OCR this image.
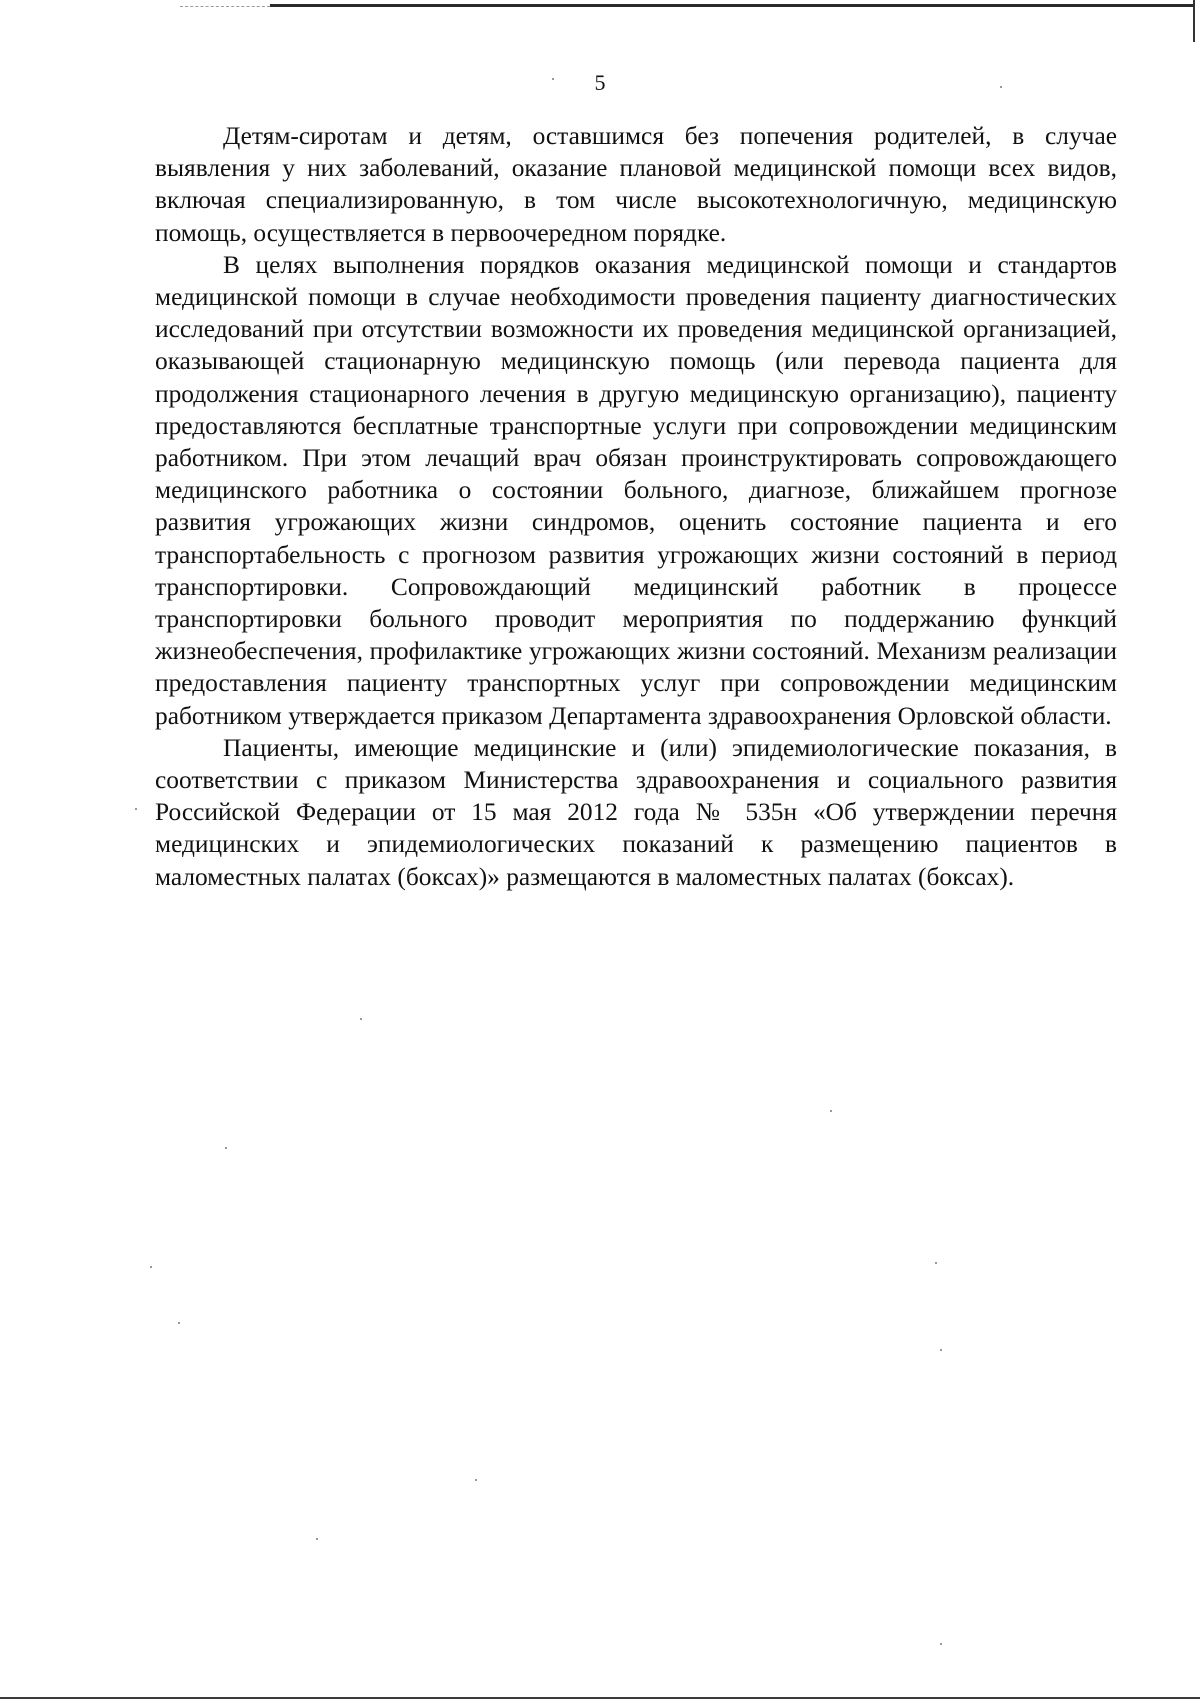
5

Детям-сиротам и детям, оставшимся без попечения родителей, в случае выявления у них заболеваний, оказание плановой медицинской помощи всех видов, включая специализированную, в том числе высокотехнологичную, медицинскую помощь, осуществляется в первоочередном порядке.

В целях выполнения порядков оказания медицинской помощи и стандартов медицинской помощи в случае необходимости проведения пациенту диагностических исследований при отсутствии возможности их проведения медицинской организацией, оказывающей стационарную медицинскую помощь (или перевода пациента для продолжения стационарного лечения в другую медицинскую организацию), пациенту предоставляются бесплатные транспортные услуги при сопровождении медицинским работником. При этом лечащий врач обязан проинструктировать сопровождающего медицинского работника о состоянии больного, диагнозе, ближайшем прогнозе развития угрожающих жизни синдромов, оценить состояние пациента и его транспортабельность с прогнозом развития угрожающих жизни состояний в период транспортировки. Сопровождающий медицинский работник в процессе транспортировки больного проводит мероприятия по поддержанию функций жизнеобеспечения, профилактике угрожающих жизни состояний. Механизм реализации предоставления пациенту транспортных услуг при сопровождении медицинским работником утверждается приказом Департамента здравоохранения Орловской области.

Пациенты, имеющие медицинские и (или) эпидемиологические показания, в соответствии с приказом Министерства здравоохранения и социального развития Российской Федерации от 15 мая 2012 года № 535н «Об утверждении перечня медицинских и эпидемиологических показаний к размещению пациентов в маломестных палатах (боксах)» размещаются в маломестных палатах (боксах).
